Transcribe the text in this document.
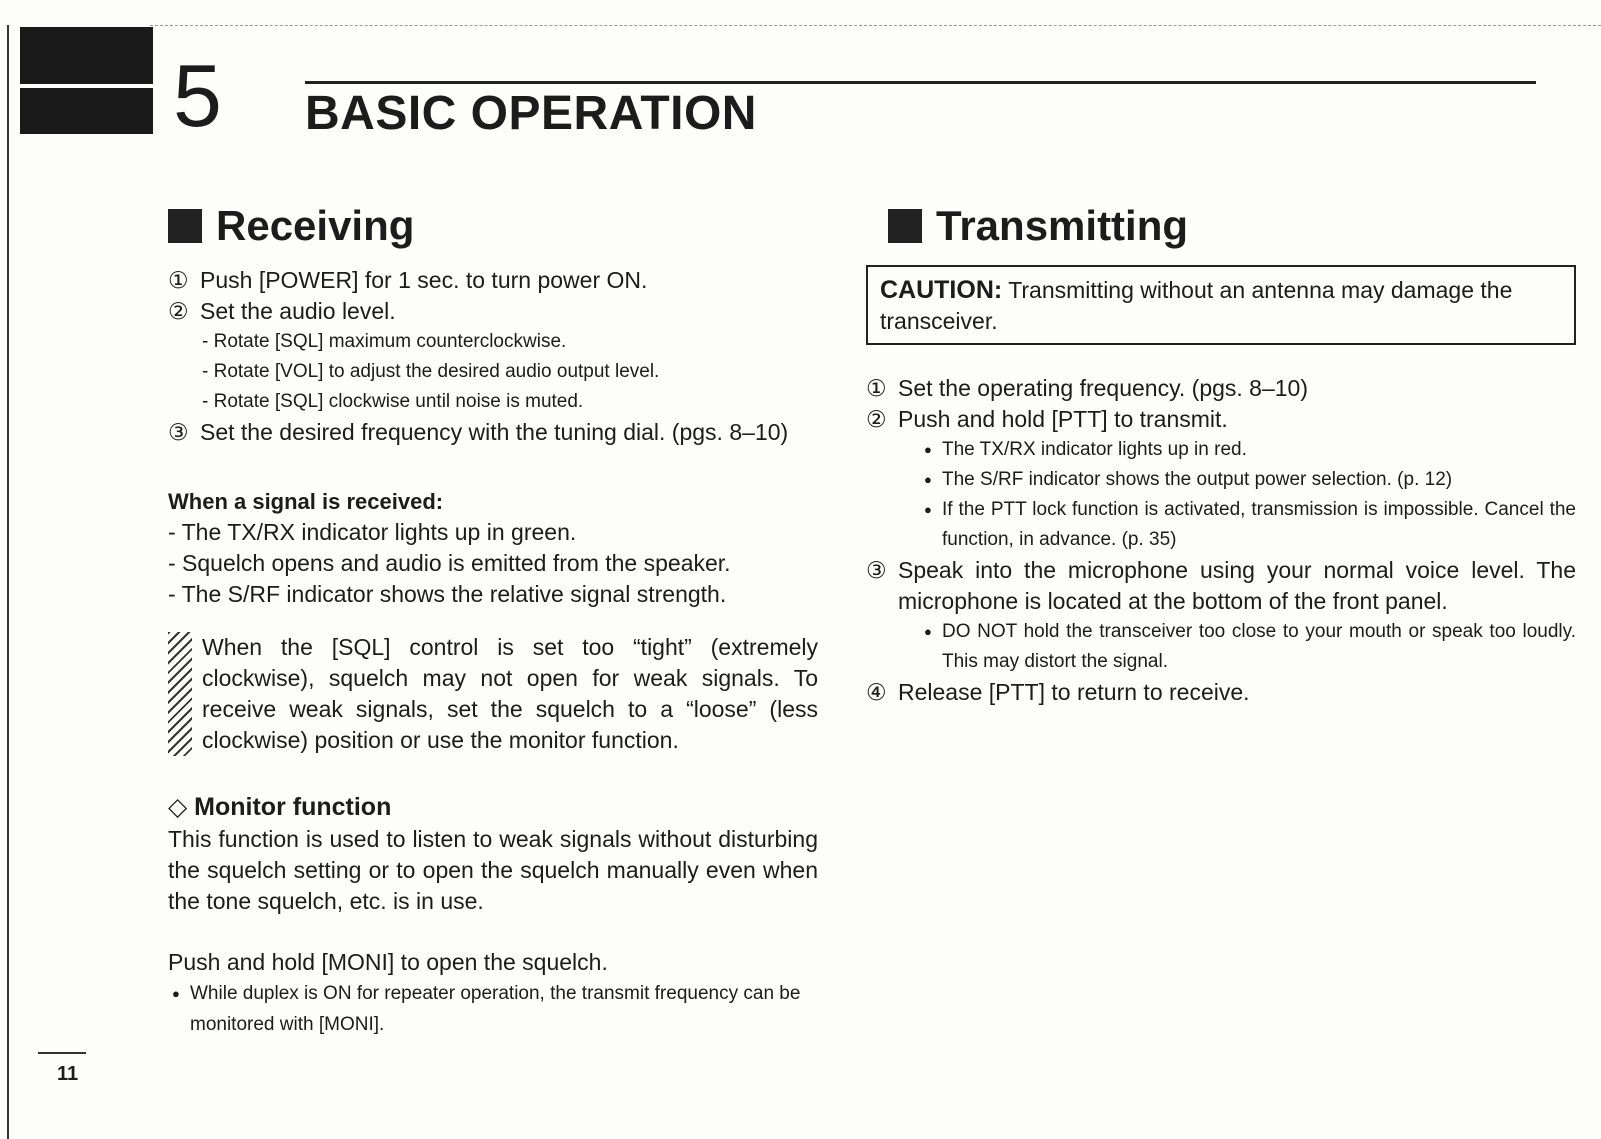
5 BASIC OPERATION
Receiving
① Push [POWER] for 1 sec. to turn power ON.
② Set the audio level.
- Rotate [SQL] maximum counterclockwise.
- Rotate [VOL] to adjust the desired audio output level.
- Rotate [SQL] clockwise until noise is muted.
③ Set the desired frequency with the tuning dial. (pgs. 8–10)
When a signal is received:
- The TX/RX indicator lights up in green.
- Squelch opens and audio is emitted from the speaker.
- The S/RF indicator shows the relative signal strength.
When the [SQL] control is set too “tight” (extremely clockwise), squelch may not open for weak signals. To receive weak signals, set the squelch to a “loose” (less clockwise) position or use the monitor function.
◇ Monitor function
This function is used to listen to weak signals without disturbing the squelch setting or to open the squelch manually even when the tone squelch, etc. is in use.
Push and hold [MONI] to open the squelch.
● While duplex is ON for repeater operation, the transmit frequency can be monitored with [MONI].
Transmitting
CAUTION: Transmitting without an antenna may damage the transceiver.
① Set the operating frequency. (pgs. 8–10)
② Push and hold [PTT] to transmit.
● The TX/RX indicator lights up in red.
● The S/RF indicator shows the output power selection. (p. 12)
● If the PTT lock function is activated, transmission is impossible. Cancel the function, in advance. (p. 35)
③ Speak into the microphone using your normal voice level. The microphone is located at the bottom of the front panel.
● DO NOT hold the transceiver too close to your mouth or speak too loudly. This may distort the signal.
④ Release [PTT] to return to receive.
11
